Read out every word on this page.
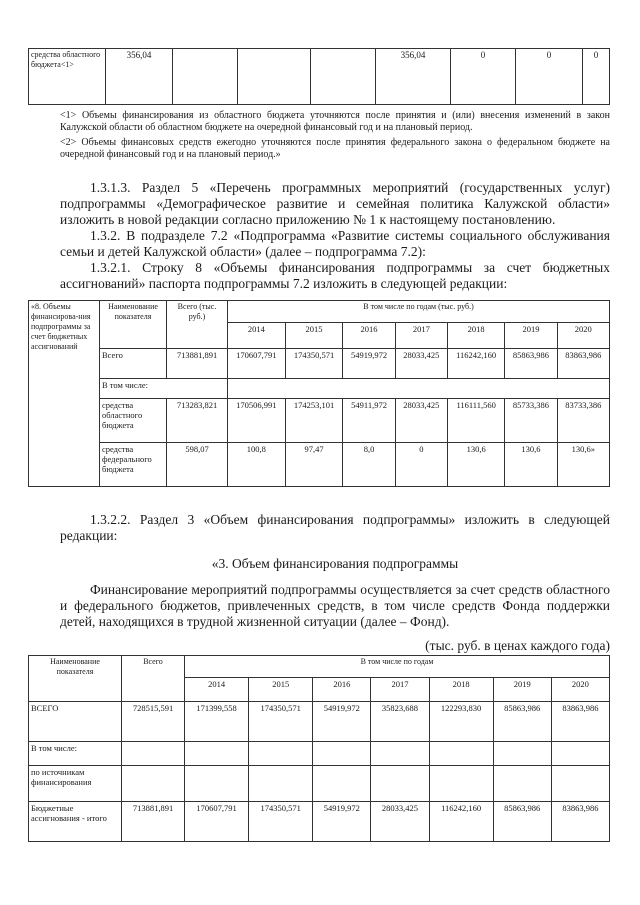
средства областного бюджета<1>	356,04				356,04	0	0	0
<1> Объемы финансирования из областного бюджета уточняются после принятия и (или) внесения изменений в закон Калужской области об областном бюджете на очередной финансовый год и на плановый период.
<2> Объемы финансовых средств ежегодно уточняются после принятия федерального закона о федеральном бюджете на очередной финансовый год и на плановый период.»
1.3.1.3. Раздел 5 «Перечень программных мероприятий (государственных услуг) подпрограммы «Демографическое развитие и семейная политика Калужской области» изложить в новой редакции согласно приложению № 1 к настоящему постановлению.
1.3.2. В подразделе 7.2 «Подпрограмма «Развитие системы социального обслуживания семьи и детей Калужской области» (далее – подпрограмма 7.2):
1.3.2.1. Строку 8 «Объемы финансирования подпрограммы за счет бюджетных ассигнований» паспорта подпрограммы 7.2 изложить в следующей редакции:
«8. Объемы финансирова-ния подпрограммы за счет бюджетных ассигнований	Наименование показателя	Всего (тыс. руб.)	В том числе по годам (тыс. руб.)						
			2014	2015	2016	2017	2018	2019	2020
	Всего	713881,891	170607,791	174350,571	54919,972	28033,425	116242,160	85863,986	83863,986
	В том числе:								
	средства областного бюджета	713283,821	170506,991	174253,101	54911,972	28033,425	116111,560	85733,386	83733,386
	средства федерального бюджета	598,07	100,8	97,47	8,0	0	130,6	130,6	130,6»
1.3.2.2. Раздел 3 «Объем финансирования подпрограммы» изложить в следующей редакции:
«3. Объем финансирования подпрограммы
Финансирование мероприятий подпрограммы осуществляется за счет средств областного и федерального бюджетов, привлеченных средств, в том числе средств Фонда поддержки детей, находящихся в трудной жизненной ситуации (далее – Фонд).
(тыс. руб. в ценах каждого года)
Наименование показателя	Всего	В том числе по годам						
		2014	2015	2016	2017	2018	2019	2020
ВСЕГО	728515,591	171399,558	174350,571	54919,972	35823,688	122293,830	85863,986	83863,986
В том числе:								
по источникам финансирования								
Бюджетные ассигнования - итого	713881,891	170607,791	174350,571	54919,972	28033,425	116242,160	85863,986	83863,986
